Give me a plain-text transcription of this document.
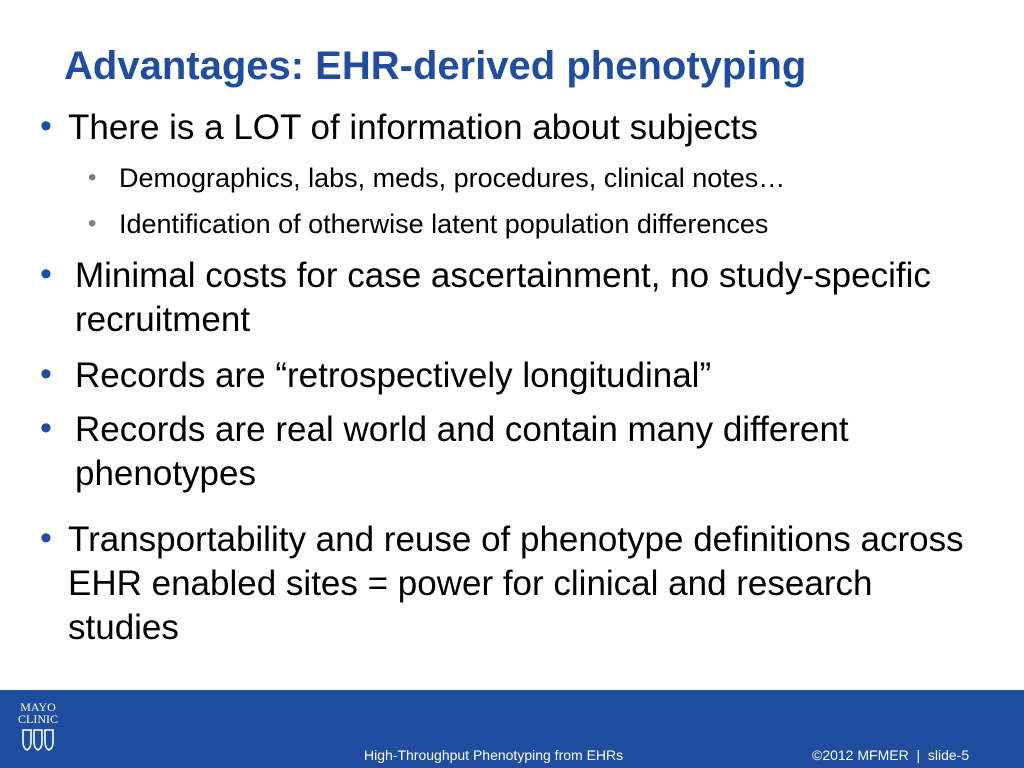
Advantages: EHR-derived phenotyping
• There is a LOT of information about subjects
• Demographics, labs, meds, procedures, clinical notes…
• Identification of otherwise latent population differences
• Minimal costs for case ascertainment, no study-specific recruitment
• Records are “retrospectively longitudinal”
• Records are real world and contain many different phenotypes
• Transportability and reuse of phenotype definitions across EHR enabled sites = power for clinical and research studies
MAYO
CLINIC
High-Throughput Phenotyping from EHRs	©2012 MFMER  |  slide-5
